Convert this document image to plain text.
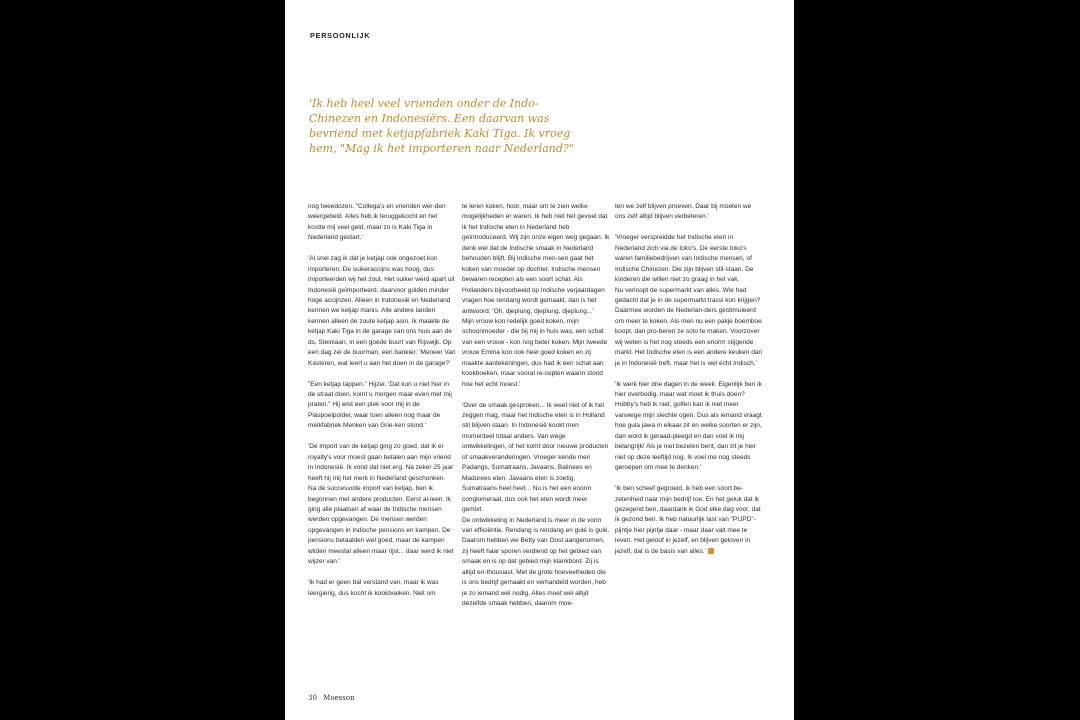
PERSOONLIJK
'Ik heb heel veel vrienden onder de Indo-Chinezen en Indonesiërs. Een daarvan was bevriend met ketjapfabriek Kaki Tiga. Ik vroeg hem, "Mag ik het importeren naar Nederland?"

nog tweedozen. "Collega's en vrienden wer-den weergebeld. Alles heb ik teruggekocht en het kostte mij veel geld, maar zo is Kaki Tiga in Nederland gestart.'

'Al snel zag ik dat je ketjap ook ongezoet kon importeren. De suikeraccijns was hoog, dus importeerden wij het zout. Het suiker werd apart uit Indonesië geïmporteerd, daarvoor golden minder hoge accijnzen. Alleen in Indonesië en Nederland kennen we ketjap manis. Alle andere landen kennen alleen de zoute ketjap asin. Ik maakte de ketjap Kaki Tiga in de garage van ons huis aan de ds. Steinlaan, in een goede buurt van Rijswijk. Op een dag zei de buurman, een bankier: 'Meneer Van Kasteren, wat leert u aan het doen in de garage?'

"Een ketjap tappen." Hijzei. 'Dat kun u niet hier in de straat doen, komt u morgen maar even met mij praten." Hij wist een plek voor mij in de Plaspoelpolder, waar toen alleen nog maar de melkfabriek Menken van Grie-ken stond.'

'De import van de ketjap ging zo goed, dat ik er royalty's voor moest gaan betalen aan mijn vriend in Indonesië. Ik vond dat niet erg. Na zeker 25 jaar heeft hij mij het merk in Nederland geschonken.
Na de succesvolle import van ketjap, ben ik begonnen met andere producten. Eerst al-leen. Ik ging alle plaatsen af waar de Indische mensen werden opgevangen. De mensen werden opgevangen in Indische pensions en kampen. De pensions betaalden wel goed, maar de kampen wilden meestal alleen maar rijst... daar werd ik niet wijzer van.'

'Ik had er geen bal verstand van, maar ik was leergierig, dus kocht ik kookboeken. Niet om

te leren koken, hoor, maar om te zien welke mogelijkheden er waren. Ik heb niet het gevoel dat ik het Indische eten in Nederland heb geïntroduceerd. Wij zijn onze eigen weg gegaan. Ik denk wel dat de Indische smaak in Nederland behouden blijft. Bij Indische men-sen gaat het koken van moeder op dochter. Indische mensen bewaren recepten als een soort schat. Als Hollanders bijvoorbeeld op Indische verjaardagen vragen hoe rendang wordt gemaakt, dan is het antwoord: 'Oh, djeplung, djeplung, djeplung...'
Mijn vrouw kon redelijk goed koken, mijn schoonmoeder - die bij mij in huis was, een schat van een vrouw - kon nog beter koken. Mijn tweede vrouw Emma kon ook heel goed koken en zij maakte aantekeningen, dus had ik een schat aan kookboeken, maar vooral re-cepten waarin stond hoe het echt moest.'

'Over de smaak gesproken... Ik weet niet of ik het zeggen mag, maar het Indische eten is in Holland stil blijven staan. In Indonesië kookt men momenteel totaal anders. Van wege ontwikkelingen, of het komt door nieuwe producten of smaakveranderingen. Vroeger kende men Padangs, Sumatraans, Javaans, Balinees en Madurees eten. Javaans eten is zoetig, Sumatraans heel heet... Nu is het een enorm conglomeraat, dus ook het eten wordt meer gemixt.
De ontwikkeling in Nederland is meer in de vorm van efficiëntie. Rendang is rendang en gulé is gulé. Daarom hebben we Betty van Oost aangenomen, zij heeft haar sporen verdiend op het gebied van smaak en is op dat gebied mijn klankbord. Zij is altijd en-thousiast. Met de grote hoeveelheden die is ons bedrijf gemaakt en verhandeld worden, heb je zo iemand wel nodig. Alles moet wel altijd dezelfde smaak hebben, daarom moe-

ten we zelf blijven proeven. Daar bij moeten we ons zelf altijd blijven verbeteren.'

'Vroeger verspreidde het Indische eten in Nederland zich via de toko's. De eerste toko's waren familiebedrijven van Indische mensen, of Indische Chinezen. Die zijn blijven stil-staan. De kinderen die willen niet zo graag in het vak.
Nu verloopt de supermarkt van alles. Wie had gedacht dat je in de supermarkt trassi kon krijgen? Daarmee worden de Nederlan-ders gestimuleerd om meer te koken. Als men nu een pakje boemboe koopt, dan pro-beren ze soto te maken. Voorzover wij weten is het nog steeds een enorm stijgende markt. Het Indische eten is een andere keuken dan je in Indonesië treft, maar het is wel écht Indisch.'

'Ik werk hier drie dagen in de week. Eigenlijk ben ik hier overbodig, maar wat moet ik thuis doen? Hobby's heb ik niet, golfen kan ik niet meer vanwege mijn slechte ogen. Dus als iemand vraagt hoe gula jawa in elkaar zit en welke soorten er zijn, dan word ik geraad-pleegd en dan voel ik mij belangrijk! Als je niet bezeten bent, dan zit je hier niet op deze leeftijd nog. Ik voel me nog steeds geroepen om mee te denken.'

'Ik ben scheef gegroeid, ik heb een soort be-zetenheid naar mijn bedrijf toe. En het geluk dat ik gezegend ben, daardank ik God elke dag voor, dat ik gezond ben. Ik heb natuurlijk last van "PIJPD"- pijntje hier pijntje daar - maar daar valt mee te leven. Het geloof in jezelf, en blijven geloven in jezelf, dat is de basis van alles.'

30 Moesson
